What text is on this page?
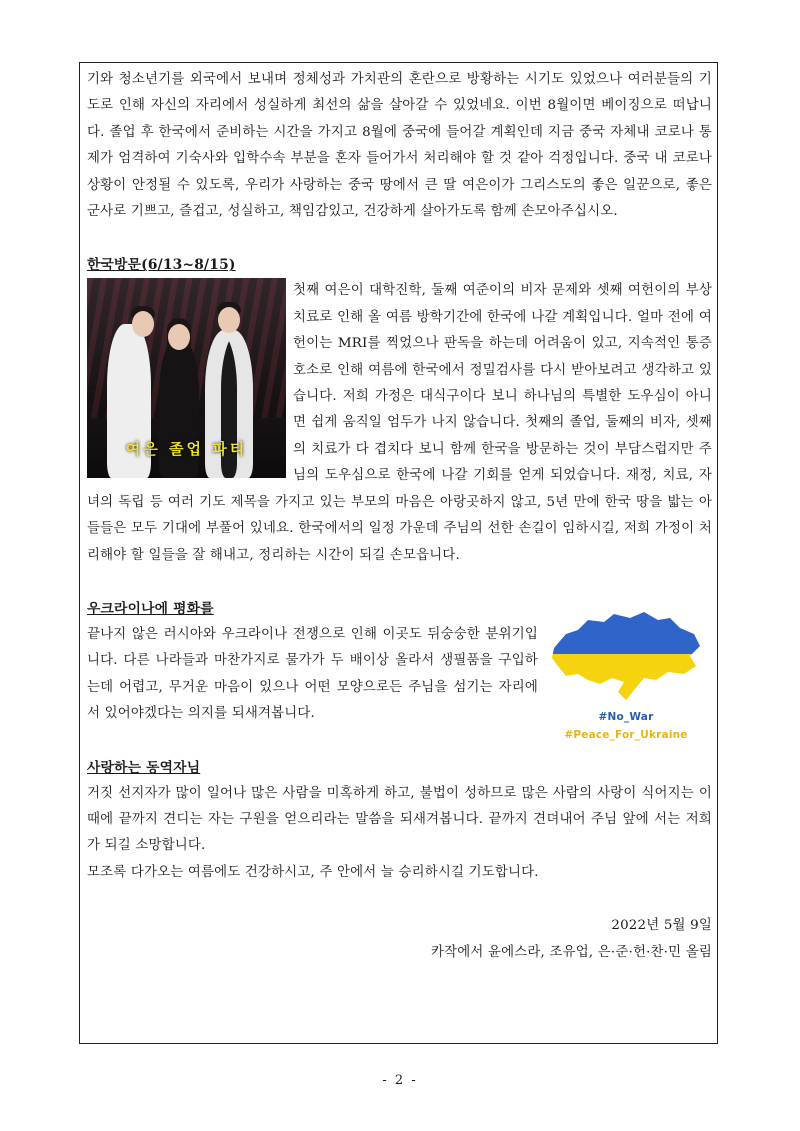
기와 청소년기를 외국에서 보내며 정체성과 가치관의 혼란으로 방황하는 시기도 있었으나 여러분들의 기도로 인해 자신의 자리에서 성실하게 최선의 삶을 살아갈 수 있었네요. 이번 8월이면 베이징으로 떠납니다. 졸업 후 한국에서 준비하는 시간을 가지고 8월에 중국에 들어갈 계획인데 지금 중국 자체내 코로나 통제가 엄격하여 기숙사와 입학수속 부분을 혼자 들어가서 처리해야 할 것 같아 걱정입니다. 중국 내 코로나 상황이 안정될 수 있도록, 우리가 사랑하는 중국 땅에서 큰 딸 여은이가 그리스도의 좋은 일꾼으로, 좋은 군사로 기쁘고, 즐겁고, 성실하고, 책임감있고, 건강하게 살아가도록 함께 손모아주십시오.

한국방문(6/13~8/15)
여은 졸업 파티

첫째 여은이 대학진학, 둘째 여준이의 비자 문제와 셋째 여헌이의 부상치료로 인해 올 여름 방학기간에 한국에 나갈 계획입니다. 얼마 전에 여헌이는 MRI를 찍었으나 판독을 하는데 어려움이 있고, 지속적인 통증호소로 인해 여름에 한국에서 정밀검사를 다시 받아보려고 생각하고 있습니다. 저희 가정은 대식구이다 보니 하나님의 특별한 도우심이 아니면 쉽게 움직일 엄두가 나지 않습니다. 첫째의 졸업, 둘째의 비자, 셋째의 치료가 다 겹치다 보니 함께 한국을 방문하는 것이 부담스럽지만 주님의 도우심으로 한국에 나갈 기회를 얻게 되었습니다. 재정, 치료, 자녀의 독립 등 여러 기도 제목을 가지고 있는 부모의 마음은 아랑곳하지 않고, 5년 만에 한국 땅을 밟는 아들들은 모두 기대에 부풀어 있네요. 한국에서의 일정 가운데 주님의 선한 손길이 임하시길, 저희 가정이 처리해야 할 일들을 잘 해내고, 정리하는 시간이 되길 손모읍니다.

우크라이나에 평화를
#No_War
#Peace_For_Ukraine

끝나지 않은 러시아와 우크라이나 전쟁으로 인해 이곳도 뒤숭숭한 분위기입니다. 다른 나라들과 마찬가지로 물가가 두 배이상 올라서 생필품을 구입하는데 어렵고, 무거운 마음이 있으나 어떤 모양으로든 주님을 섬기는 자리에 서 있어야겠다는 의지를 되새겨봅니다.

사랑하는 동역자님

거짓 선지자가 많이 일어나 많은 사람을 미혹하게 하고, 불법이 성하므로 많은 사람의 사랑이 식어지는 이 때에 끝까지 견디는 자는 구원을 얻으리라는 말씀을 되새겨봅니다. 끝까지 견뎌내어 주님 앞에 서는 저희가 되길 소망합니다.

모조록 다가오는 여름에도 건강하시고, 주 안에서 늘 승리하시길 기도합니다.

2022년 5월 9일
카작에서 윤에스라, 조유업, 은·준·헌·찬·민 올림
- 2 -
